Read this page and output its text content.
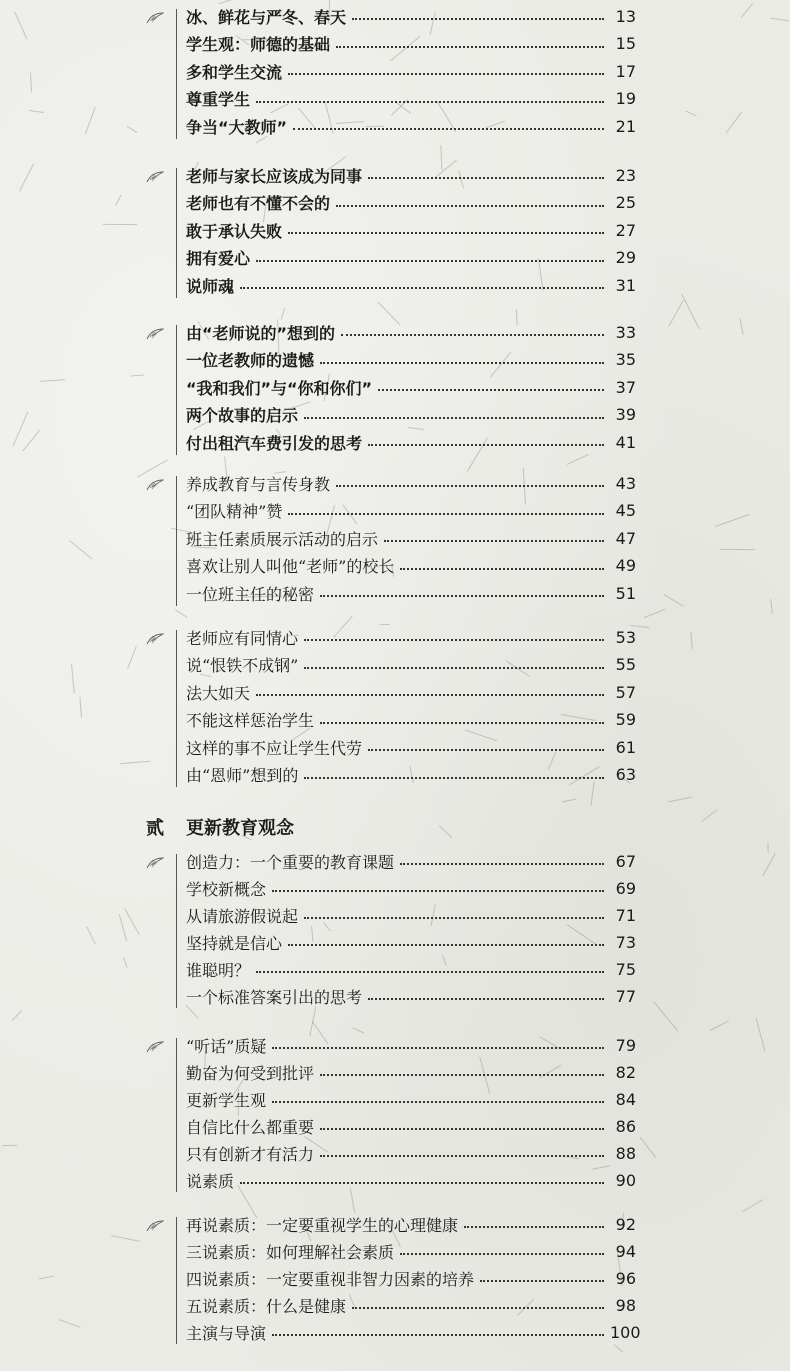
冰、鲜花与严冬、春天	13
学生观：师德的基础	15
多和学生交流	17
尊重学生	19
争当“大教师”	21
老师与家长应该成为同事	23
老师也有不懂不会的	25
敢于承认失败	27
拥有爱心	29
说师魂	31
由“老师说的”想到的	33
一位老教师的遗憾	35
“我和我们”与“你和你们”	37
两个故事的启示	39
付出租汽车费引发的思考	41
养成教育与言传身教	43
“团队精神”赞	45
班主任素质展示活动的启示	47
喜欢让别人叫他“老师”的校长	49
一位班主任的秘密	51
老师应有同情心	53
说“恨铁不成钢”	55
法大如天	57
不能这样惩治学生	59
这样的事不应让学生代劳	61
由“恩师”想到的	63
创造力：一个重要的教育课题	67
学校新概念	69
从请旅游假说起	71
坚持就是信心	73
谁聪明？	75
一个标准答案引出的思考	77
“听话”质疑	79
勤奋为何受到批评	82
更新学生观	84
自信比什么都重要	86
只有创新才有活力	88
说素质	90
再说素质：一定要重视学生的心理健康	92
三说素质：如何理解社会素质	94
四说素质：一定要重视非智力因素的培养	96
五说素质：什么是健康	98
主演与导演	100
贰 更新教育观念
